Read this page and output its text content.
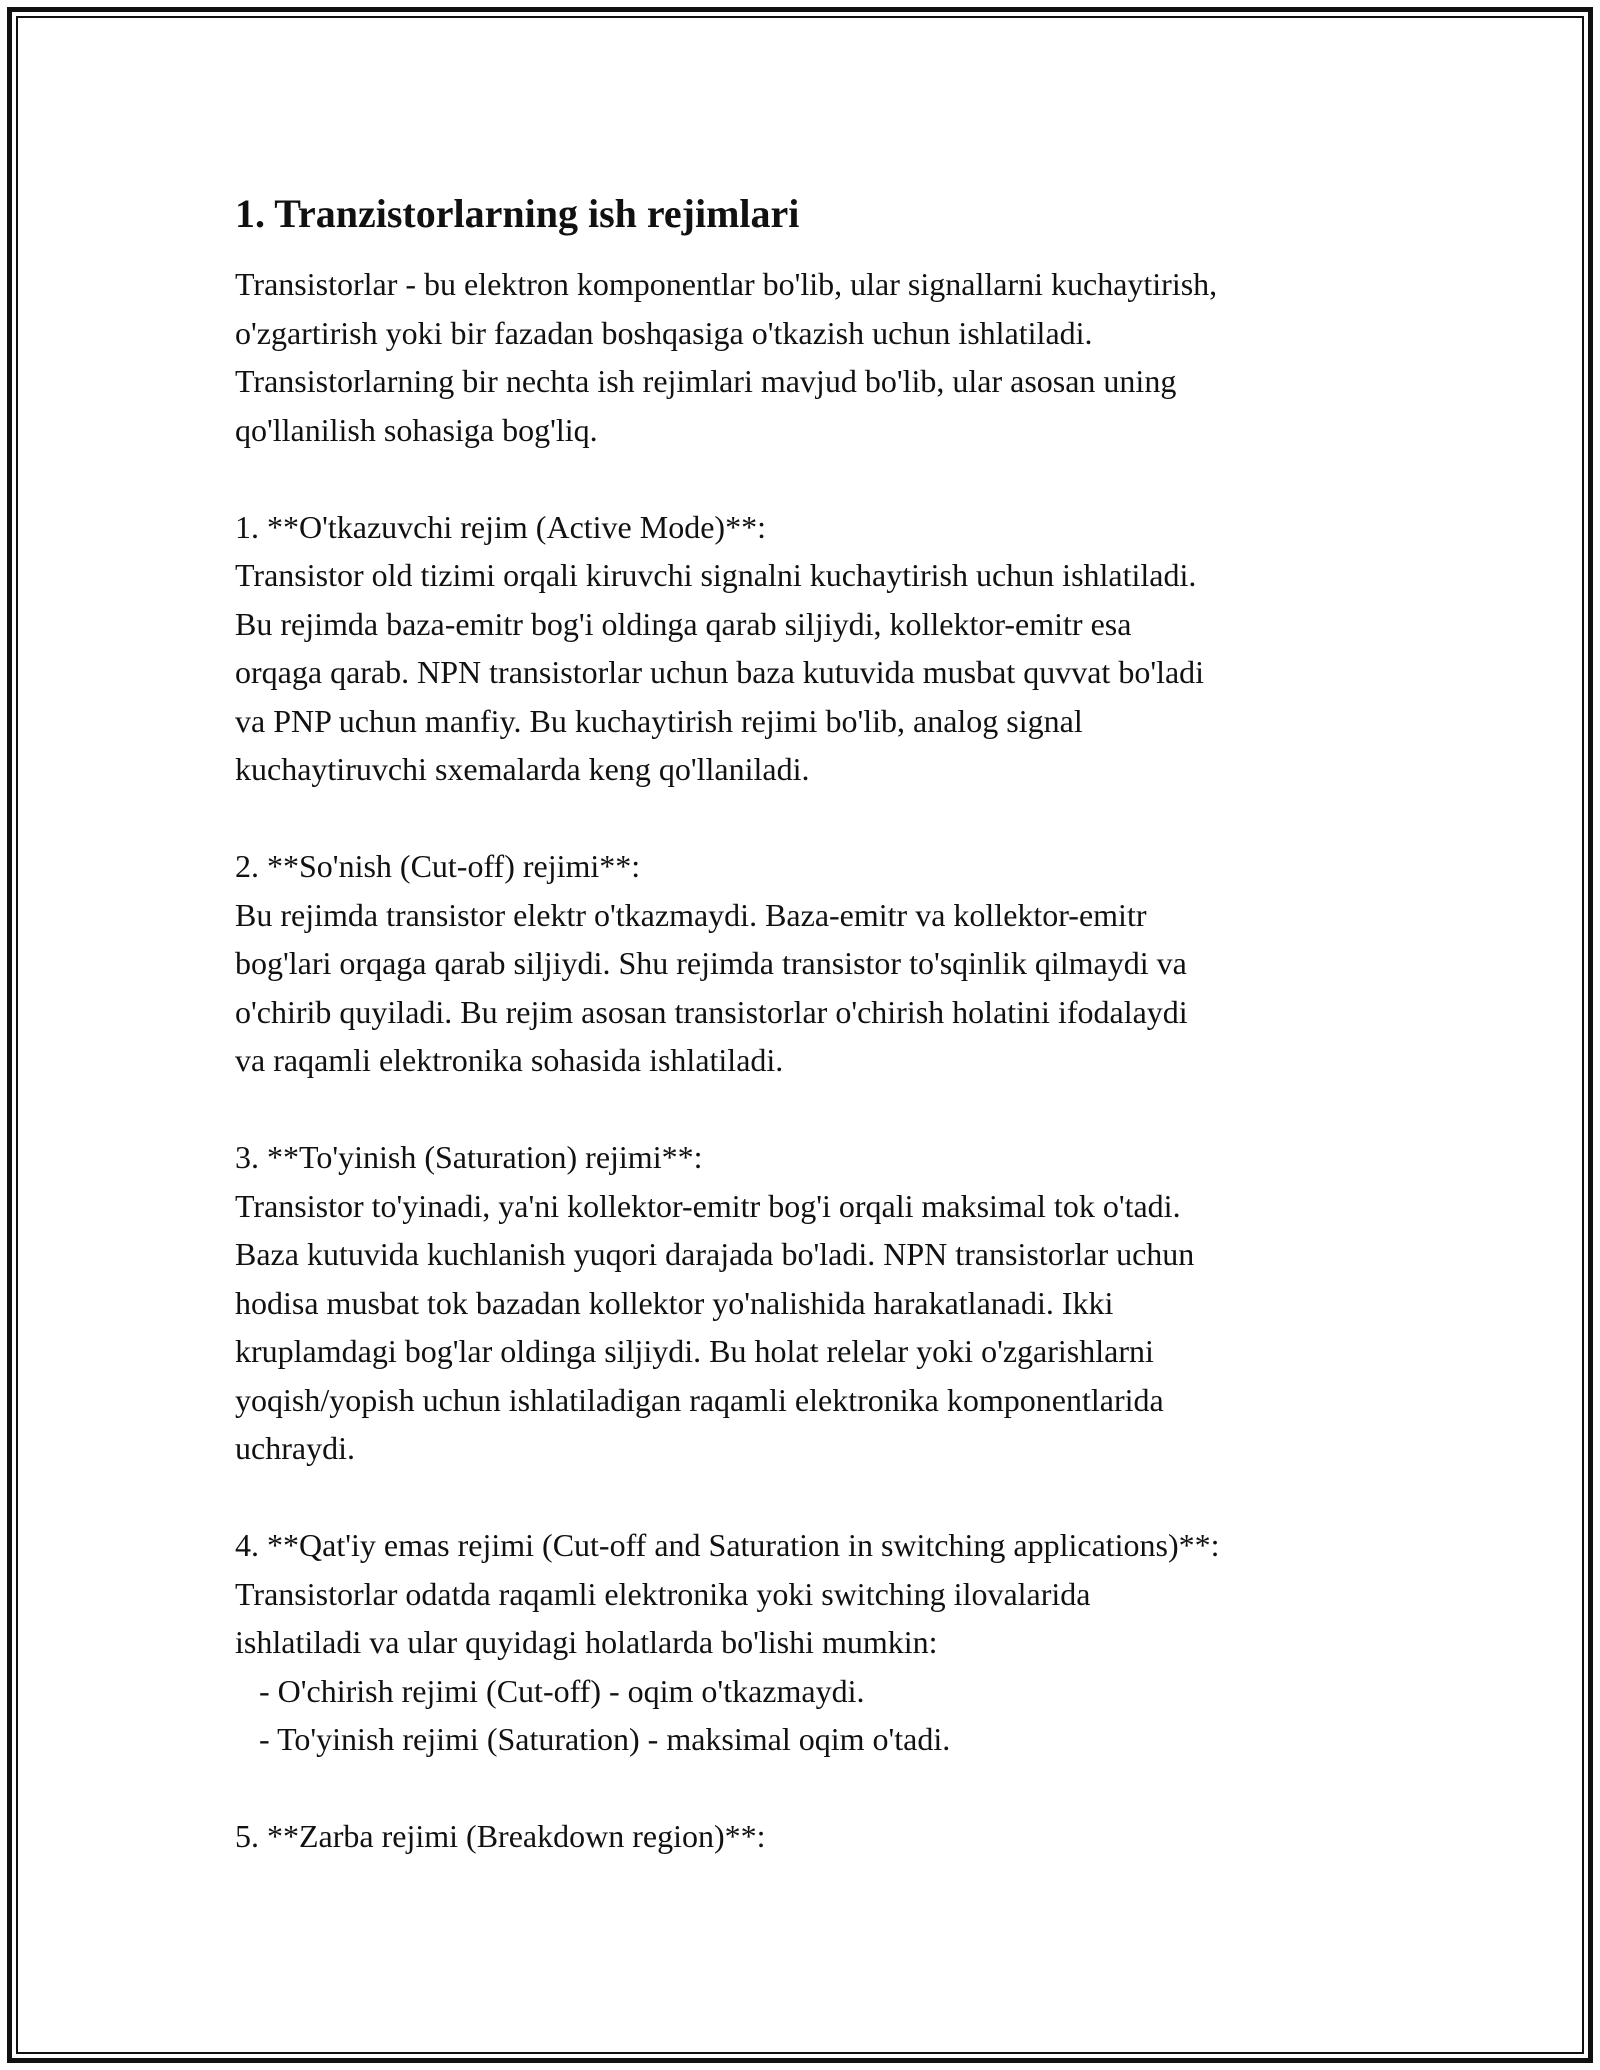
1. Tranzistorlarning ish rejimlari

Transistorlar - bu elektron komponentlar bo'lib, ular signallarni kuchaytirish,
o'zgartirish yoki bir fazadan boshqasiga o'tkazish uchun ishlatiladi.
Transistorlarning bir nechta ish rejimlari mavjud bo'lib, ular asosan uning
qo'llanilish sohasiga bog'liq.

1. **O'tkazuvchi rejim (Active Mode)**:
Transistor old tizimi orqali kiruvchi signalni kuchaytirish uchun ishlatiladi.
Bu rejimda baza-emitr bog'i oldinga qarab siljiydi, kollektor-emitr esa
orqaga qarab. NPN transistorlar uchun baza kutuvida musbat quvvat bo'ladi
va PNP uchun manfiy. Bu kuchaytirish rejimi bo'lib, analog signal
kuchaytiruvchi sxemalarda keng qo'llaniladi.
2. **So'nish (Cut-off) rejimi**:
Bu rejimda transistor elektr o'tkazmaydi. Baza-emitr va kollektor-emitr
bog'lari orqaga qarab siljiydi. Shu rejimda transistor to'sqinlik qilmaydi va
o'chirib quyiladi. Bu rejim asosan transistorlar o'chirish holatini ifodalaydi
va raqamli elektronika sohasida ishlatiladi.
3. **To'yinish (Saturation) rejimi**:
Transistor to'yinadi, ya'ni kollektor-emitr bog'i orqali maksimal tok o'tadi.
Baza kutuvida kuchlanish yuqori darajada bo'ladi. NPN transistorlar uchun
hodisa musbat tok bazadan kollektor yo'nalishida harakatlanadi. Ikki
kruplamdagi bog'lar oldinga siljiydi. Bu holat relelar yoki o'zgarishlarni
yoqish/yopish uchun ishlatiladigan raqamli elektronika komponentlarida
uchraydi.
4. **Qat'iy emas rejimi (Cut-off and Saturation in switching applications)**:
Transistorlar odatda raqamli elektronika yoki switching ilovalarida
ishlatiladi va ular quyidagi holatlarda bo'lishi mumkin:
- O'chirish rejimi (Cut-off) - oqim o'tkazmaydi.
- To'yinish rejimi (Saturation) - maksimal oqim o'tadi.
5. **Zarba rejimi (Breakdown region)**:
